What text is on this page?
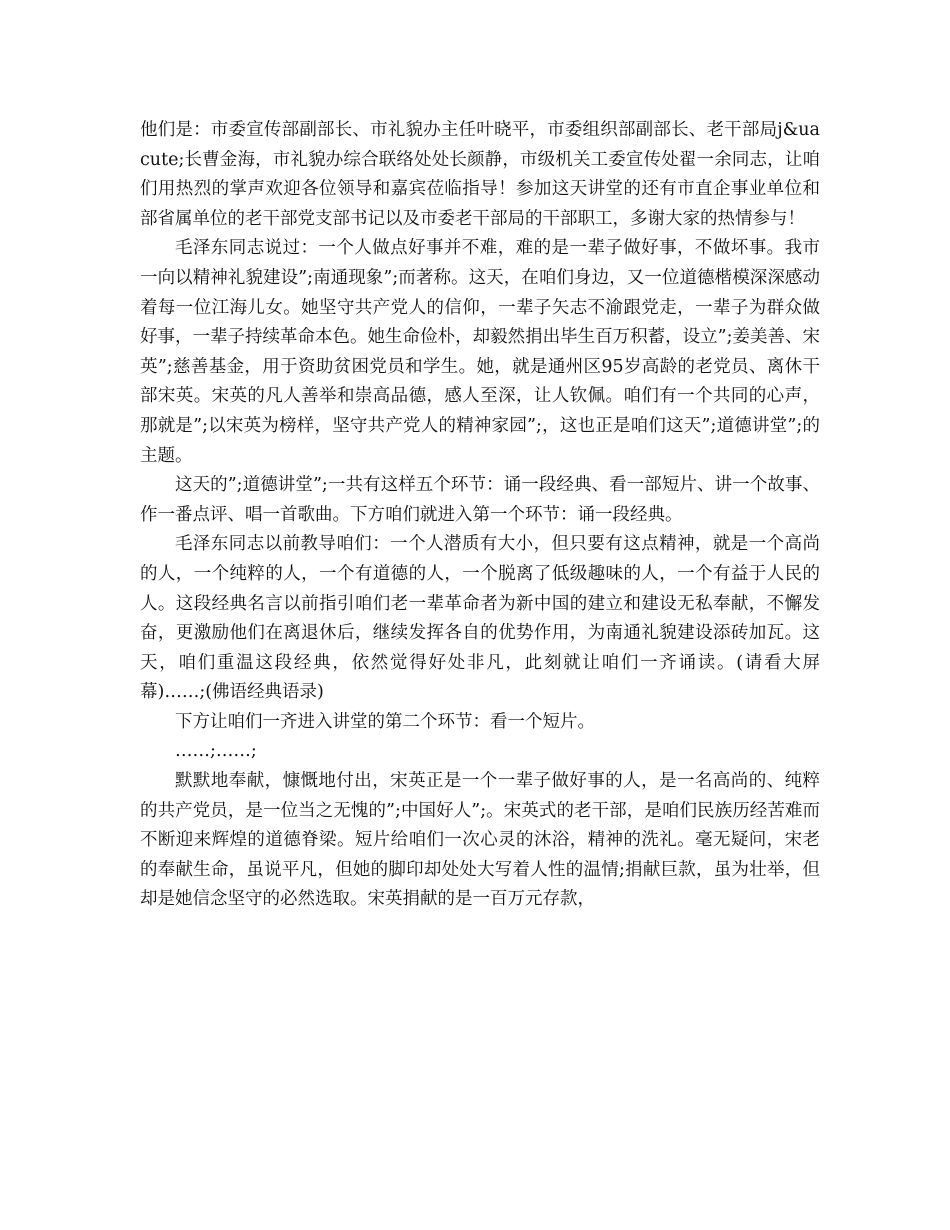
他们是：市委宣传部副部长、市礼貌办主任叶晓平，市委组织部副部长、老干部局j&uacute;长曹金海，市礼貌办综合联络处处长颜静，市级机关工委宣传处翟一余同志，让咱们用热烈的掌声欢迎各位领导和嘉宾莅临指导！参加这天讲堂的还有市直企事业单位和部省属单位的老干部党支部书记以及市委老干部局的干部职工，多谢大家的热情参与！

毛泽东同志说过：一个人做点好事并不难，难的是一辈子做好事，不做坏事。我市一向以精神礼貌建设”;南通现象”;而著称。这天，在咱们身边，又一位道德楷模深深感动着每一位江海儿女。她坚守共产党人的信仰，一辈子矢志不渝跟党走，一辈子为群众做好事，一辈子持续革命本色。她生命俭朴，却毅然捐出毕生百万积蓄，设立”;姜美善、宋英”;慈善基金，用于资助贫困党员和学生。她，就是通州区95岁高龄的老党员、离休干部宋英。宋英的凡人善举和崇高品德，感人至深，让人钦佩。咱们有一个共同的心声，那就是”;以宋英为榜样，坚守共产党人的精神家园”;，这也正是咱们这天”;道德讲堂”;的主题。

这天的”;道德讲堂”;一共有这样五个环节：诵一段经典、看一部短片、讲一个故事、作一番点评、唱一首歌曲。下方咱们就进入第一个环节：诵一段经典。

毛泽东同志以前教导咱们：一个人潜质有大小，但只要有这点精神，就是一个高尚的人，一个纯粹的人，一个有道德的人，一个脱离了低级趣味的人，一个有益于人民的人。这段经典名言以前指引咱们老一辈革命者为新中国的建立和建设无私奉献，不懈发奋，更激励他们在离退休后，继续发挥各自的优势作用，为南通礼貌建设添砖加瓦。这天，咱们重温这段经典，依然觉得好处非凡，此刻就让咱们一齐诵读。(请看大屏幕)……;(佛语经典语录)

下方让咱们一齐进入讲堂的第二个环节：看一个短片。

……;……;

默默地奉献，慷慨地付出，宋英正是一个一辈子做好事的人，是一名高尚的、纯粹的共产党员，是一位当之无愧的”;中国好人”;。宋英式的老干部，是咱们民族历经苦难而不断迎来辉煌的道德脊梁。短片给咱们一次心灵的沐浴，精神的洗礼。毫无疑问，宋老的奉献生命，虽说平凡，但她的脚印却处处大写着人性的温情;捐献巨款，虽为壮举，但却是她信念坚守的必然选取。宋英捐献的是一百万元存款，
